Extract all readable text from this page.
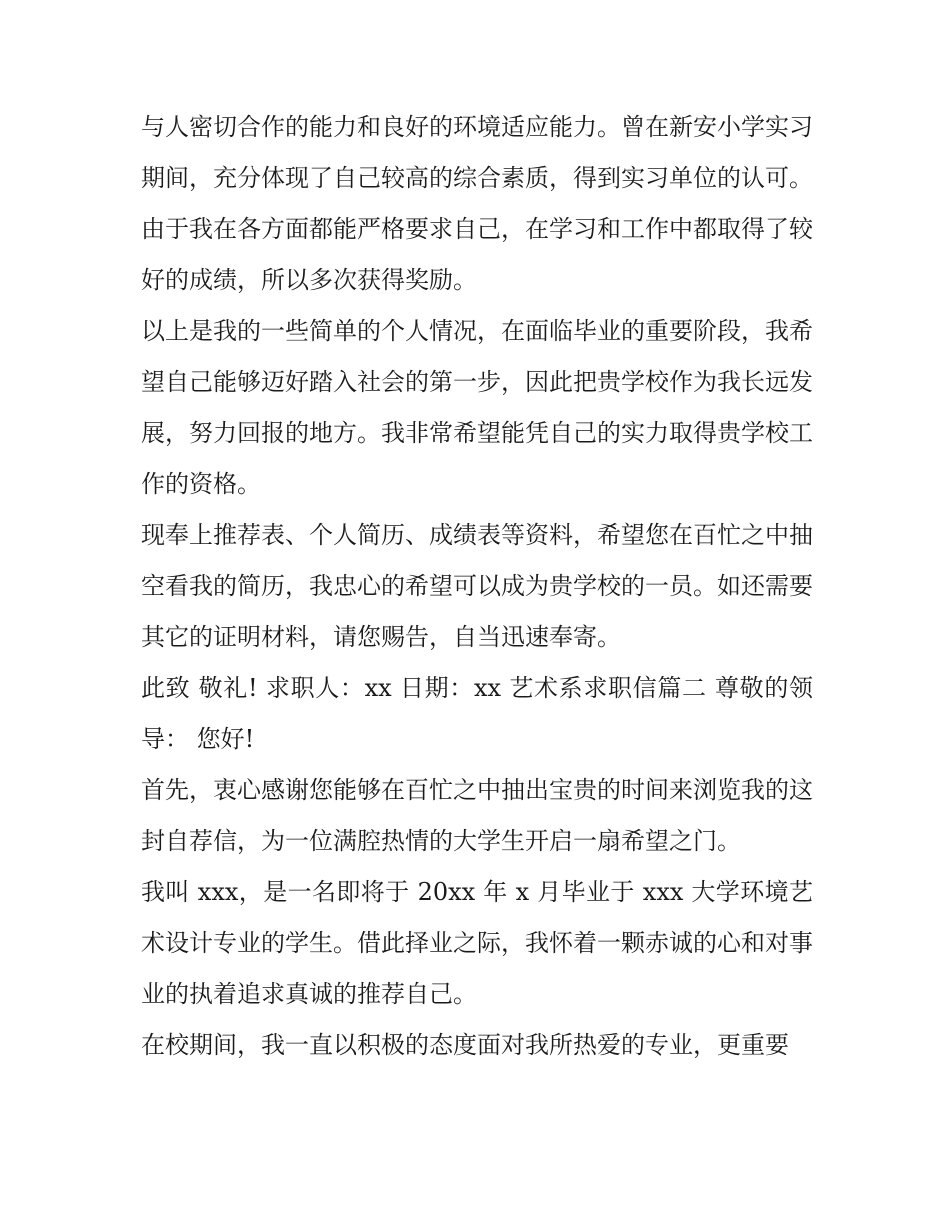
与人密切合作的能力和良好的环境适应能力。曾在新安小学实习期间，充分体现了自己较高的综合素质，得到实习单位的认可。

由于我在各方面都能严格要求自己，在学习和工作中都取得了较好的成绩，所以多次获得奖励。

以上是我的一些简单的个人情况，在面临毕业的重要阶段，我希望自己能够迈好踏入社会的第一步，因此把贵学校作为我长远发展，努力回报的地方。我非常希望能凭自己的实力取得贵学校工作的资格。

现奉上推荐表、个人简历、成绩表等资料，希望您在百忙之中抽空看我的简历，我忠心的希望可以成为贵学校的一员。如还需要其它的证明材料，请您赐告，自当迅速奉寄。

此致 敬礼! 求职人：xx 日期：xx 艺术系求职信篇二 尊敬的领导： 您好!

首先，衷心感谢您能够在百忙之中抽出宝贵的时间来浏览我的这封自荐信，为一位满腔热情的大学生开启一扇希望之门。

我叫 xxx，是一名即将于 20xx 年 x 月毕业于 xxx 大学环境艺术设计专业的学生。借此择业之际，我怀着一颗赤诚的心和对事业的执着追求真诚的推荐自己。

在校期间，我一直以积极的态度面对我所热爱的专业，更重要
